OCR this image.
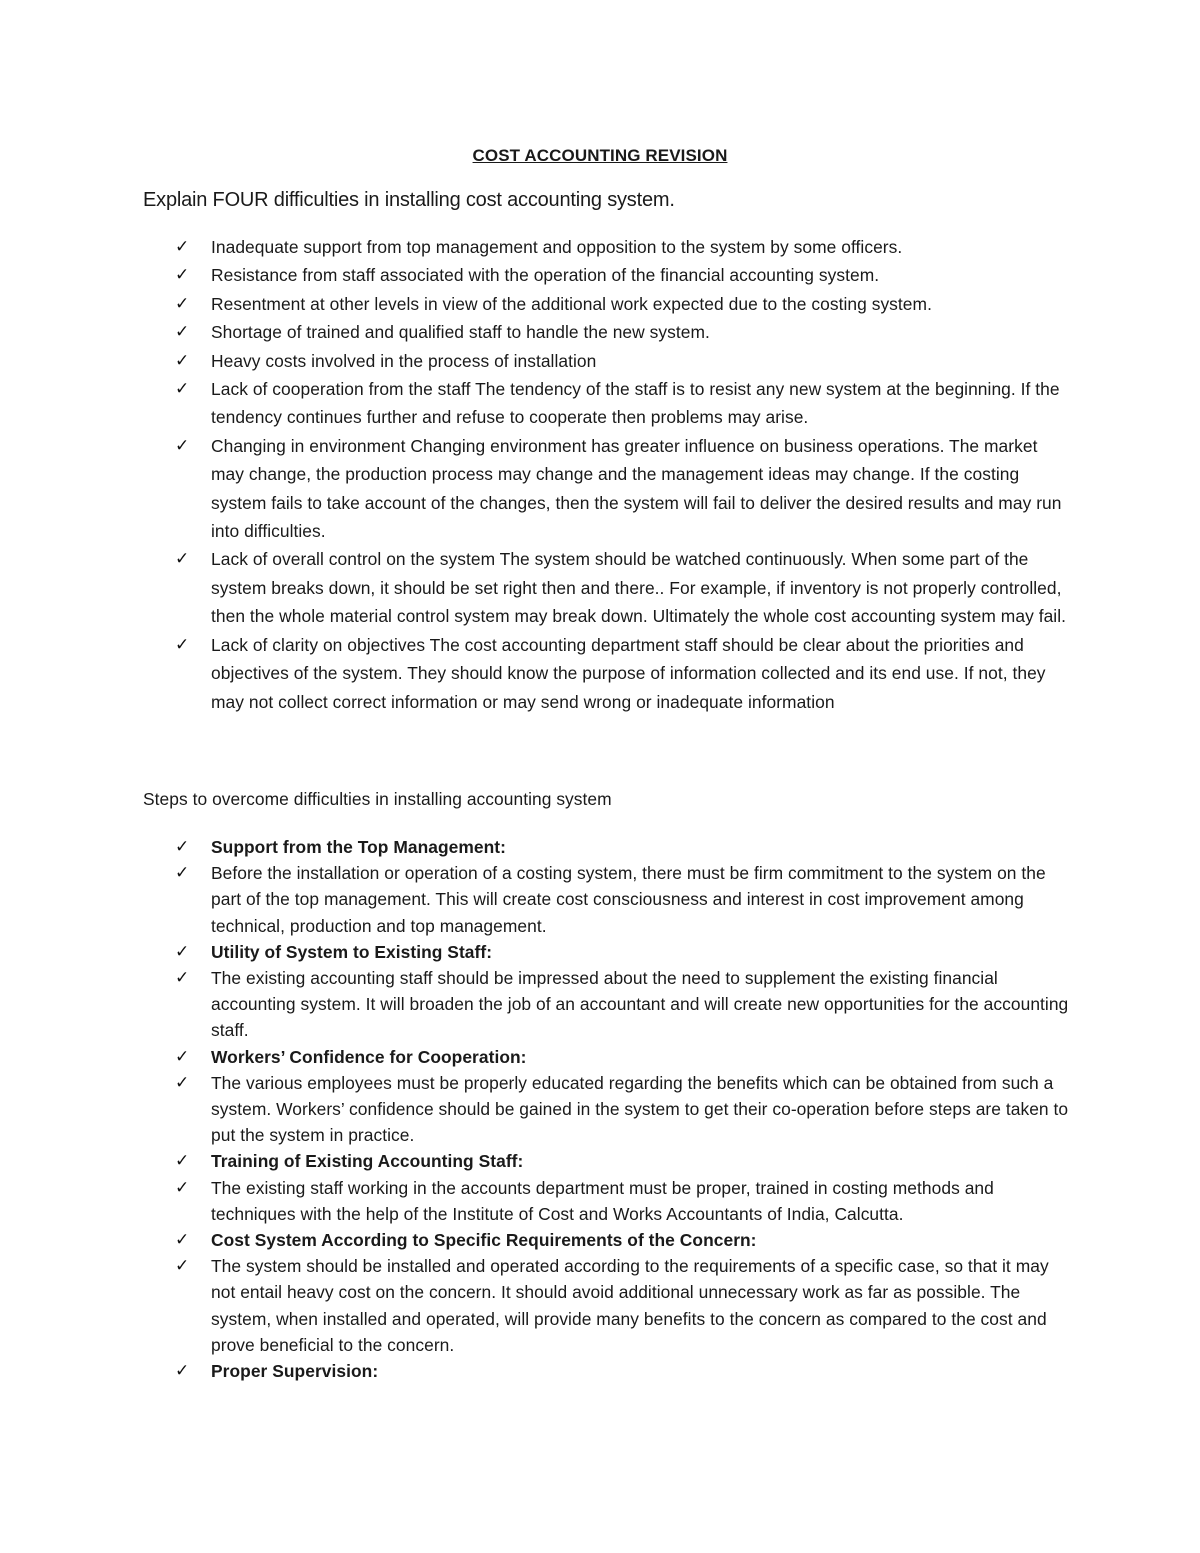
COST ACCOUNTING REVISION
Explain FOUR difficulties in installing cost accounting system.
✓ Inadequate support from top management and opposition to the system by some officers.
✓ Resistance from staff associated with the operation of the financial accounting system.
✓ Resentment at other levels in view of the additional work expected due to the costing system.
✓ Shortage of trained and qualified staff to handle the new system.
✓ Heavy costs involved in the process of installation
✓ Lack of cooperation from the staff The tendency of the staff is to resist any new system at the beginning. If the tendency continues further and refuse to cooperate then problems may arise.
✓ Changing in environment Changing environment has greater influence on business operations. The market may change, the production process may change and the management ideas may change. If the costing system fails to take account of the changes, then the system will fail to deliver the desired results and may run into difficulties.
✓ Lack of overall control on the system The system should be watched continuously. When some part of the system breaks down, it should be set right then and there.. For example, if inventory is not properly controlled, then the whole material control system may break down. Ultimately the whole cost accounting system may fail.
✓ Lack of clarity on objectives The cost accounting department staff should be clear about the priorities and objectives of the system. They should know the purpose of information collected and its end use. If not, they may not collect correct information or may send wrong or inadequate information
Steps to overcome difficulties in installing accounting system
✓ Support from the Top Management:
✓ Before the installation or operation of a costing system, there must be firm commitment to the system on the part of the top management. This will create cost consciousness and interest in cost improvement among technical, production and top management.
✓ Utility of System to Existing Staff:
✓ The existing accounting staff should be impressed about the need to supplement the existing financial accounting system. It will broaden the job of an accountant and will create new opportunities for the accounting staff.
✓ Workers’ Confidence for Cooperation:
✓ The various employees must be properly educated regarding the benefits which can be obtained from such a system. Workers’ confidence should be gained in the system to get their co-operation before steps are taken to put the system in practice.
✓ Training of Existing Accounting Staff:
✓ The existing staff working in the accounts department must be proper, trained in costing methods and techniques with the help of the Institute of Cost and Works Accountants of India, Calcutta.
✓ Cost System According to Specific Requirements of the Concern:
✓ The system should be installed and operated according to the requirements of a specific case, so that it may not entail heavy cost on the concern. It should avoid additional unnecessary work as far as possible. The system, when installed and operated, will provide many benefits to the concern as compared to the cost and prove beneficial to the concern.
✓ Proper Supervision:
